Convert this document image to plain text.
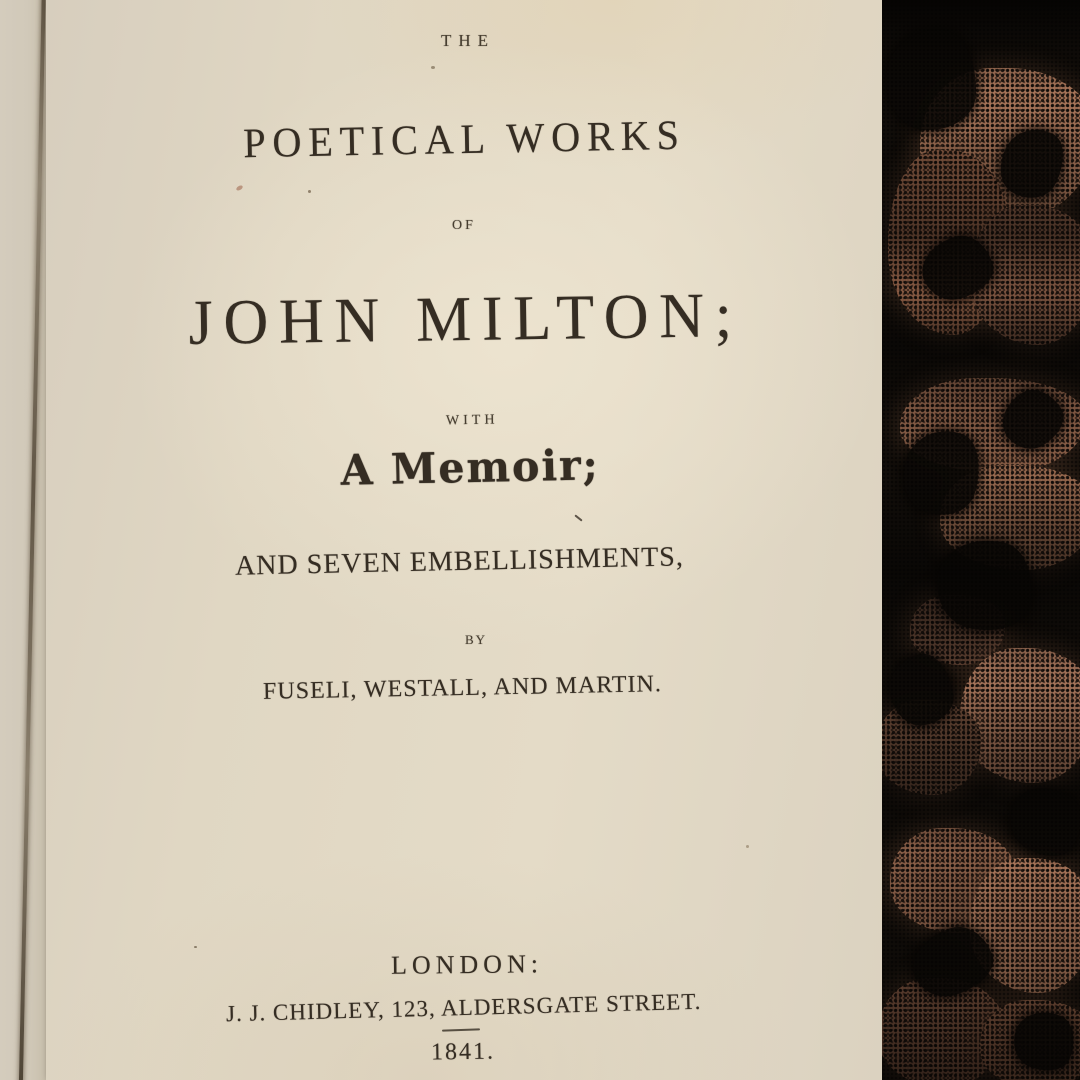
THE
POETICAL WORKS
OF
JOHN MILTON;
WITH
A Memoir;
AND SEVEN EMBELLISHMENTS,
BY
FUSELI, WESTALL, AND MARTIN.
LONDON:
J. J. CHIDLEY, 123, ALDERSGATE STREET.
1841.
